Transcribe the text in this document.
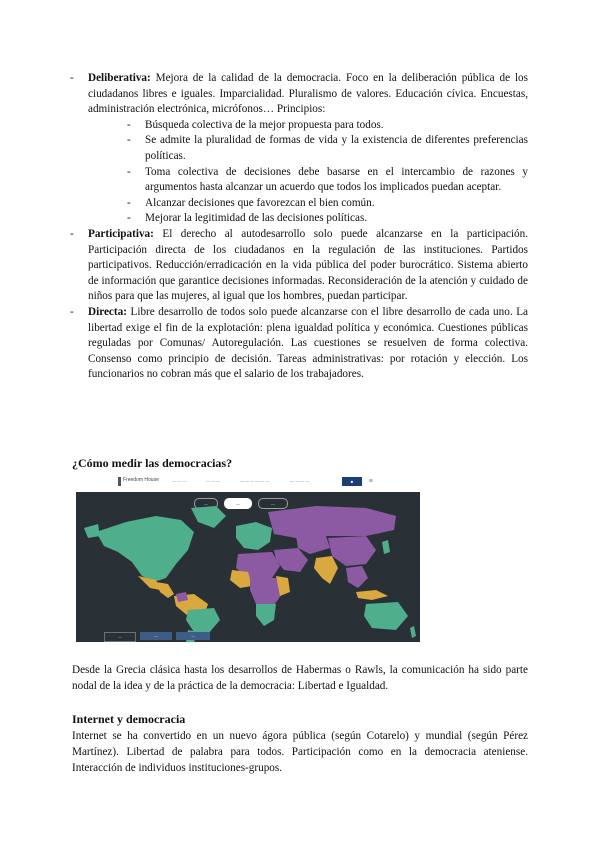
- Deliberativa: Mejora de la calidad de la democracia. Foco en la deliberación pública de los ciudadanos libres e iguales. Imparcialidad. Pluralismo de valores. Educación cívica. Encuestas, administración electrónica, micrófonos… Principios:
- Búsqueda colectiva de la mejor propuesta para todos.
- Se admite la pluralidad de formas de vida y la existencia de diferentes preferencias políticas.
- Toma colectiva de decisiones debe basarse en el intercambio de razones y argumentos hasta alcanzar un acuerdo que todos los implicados puedan aceptar.
- Alcanzar decisiones que favorezcan el bien común.
- Mejorar la legitimidad de las decisiones políticas.
- Participativa: El derecho al autodesarrollo solo puede alcanzarse en la participación. Participación directa de los ciudadanos en la regulación de las instituciones. Partidos participativos. Reducción/erradicación en la vida pública del poder burocrático. Sistema abierto de información que garantice decisiones informadas. Reconsideración de la atención y cuidado de niños para que las mujeres, al igual que los hombres, puedan participar.
- Directa: Libre desarrollo de todos solo puede alcanzarse con el libre desarrollo de cada uno. La libertad exige el fin de la explotación: plena igualdad política y económica. Cuestiones públicas reguladas por Comunas/ Autoregulación. Las cuestiones se resuelven de forma colectiva. Consenso como principio de decisión. Tareas administrativas: por rotación y elección. Los funcionarios no cobran más que el salario de los trabajadores.
¿Cómo medir las democracias?
Freedom House	— — —	— — —	— — — — — —	— — — —	■	≡
—	—	—
—	—	—

Desde la Grecia clásica hasta los desarrollos de Habermas o Rawls, la comunicación ha sido parte nodal de la idea y de la práctica de la democracia: Libertad e Igualdad.

Internet y democracia

Internet se ha convertido en un nuevo ágora pública (según Cotarelo) y mundial (según Pérez Martínez). Libertad de palabra para todos. Participación como en la democracia ateniense. Interacción de individuos instituciones-grupos.
